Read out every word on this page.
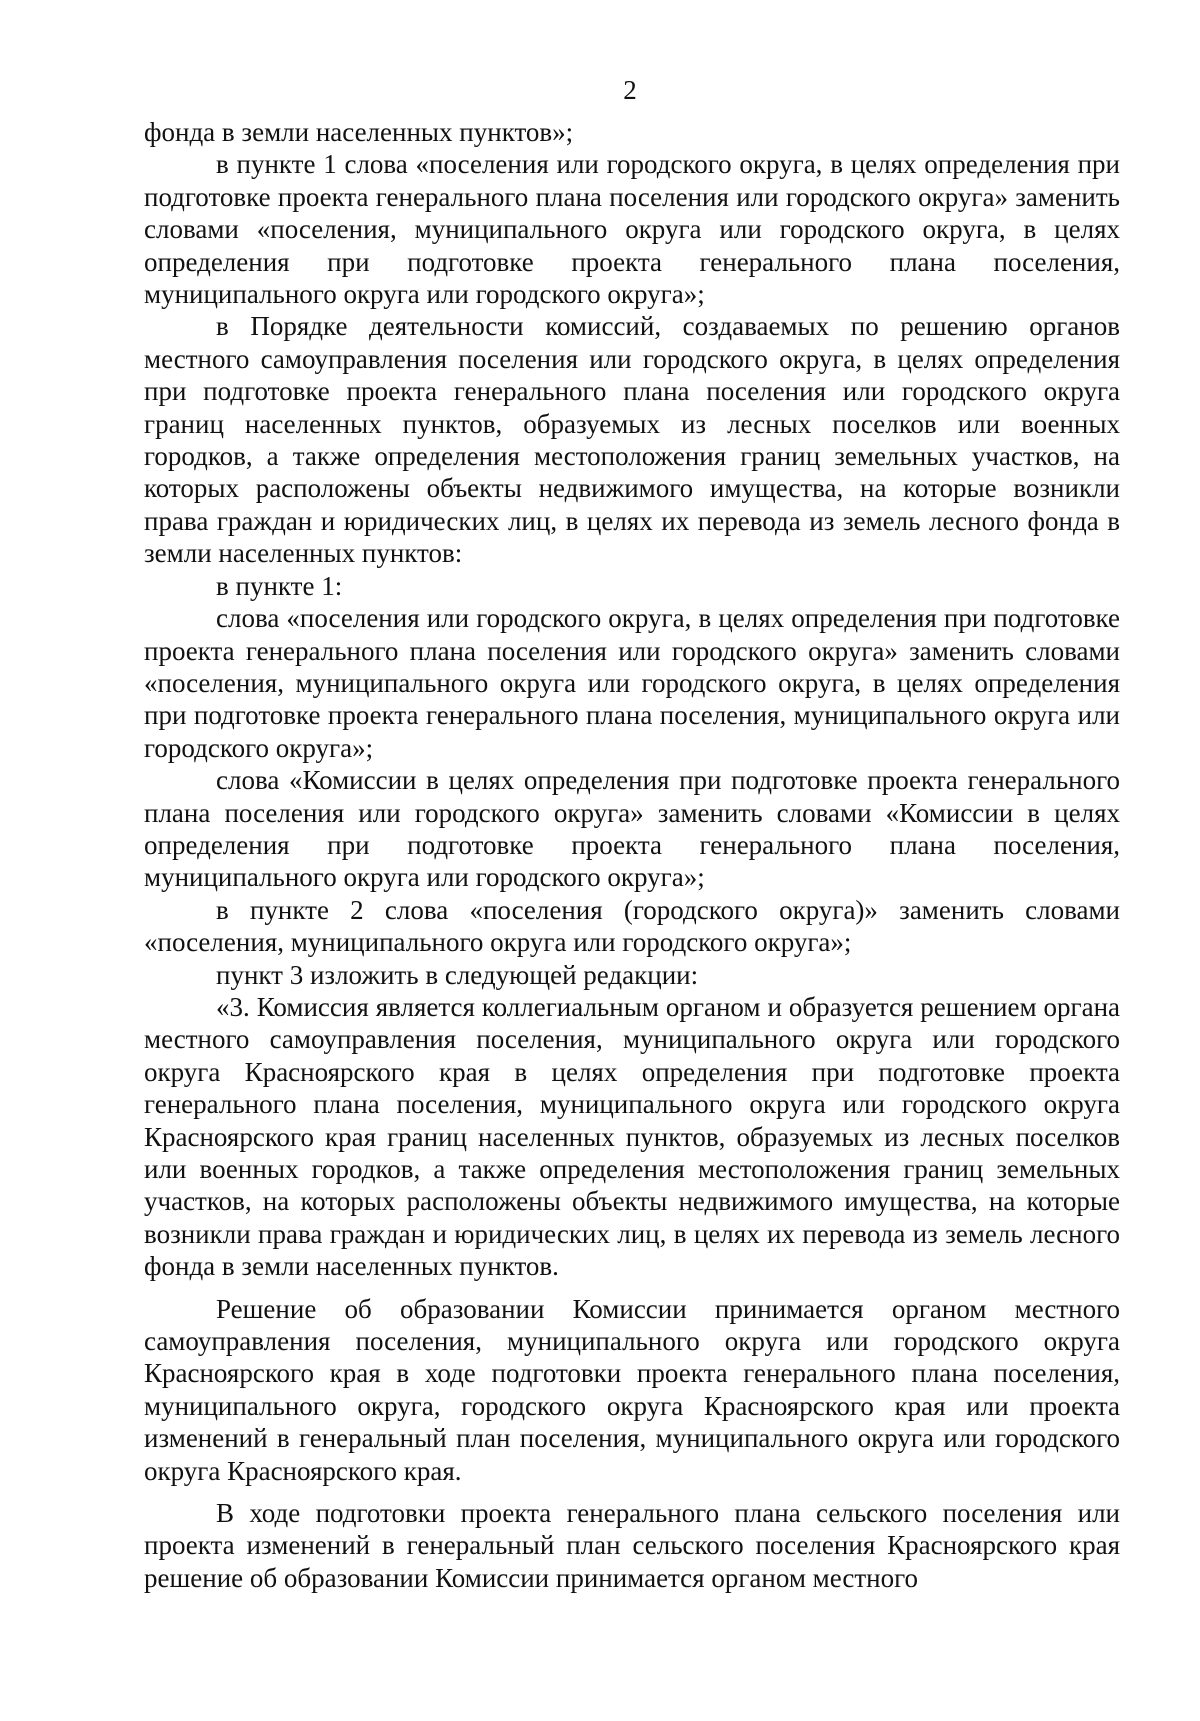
2

фонда в земли населенных пунктов»;

в пункте 1 слова «поселения или городского округа, в целях определения при подготовке проекта генерального плана поселения или городского округа» заменить словами «поселения, муниципального округа или городского округа, в целях определения при подготовке проекта генерального плана поселения, муниципального округа или городского округа»;

в Порядке деятельности комиссий, создаваемых по решению органов местного самоуправления поселения или городского округа, в целях определения при подготовке проекта генерального плана поселения или городского округа границ населенных пунктов, образуемых из лесных поселков или военных городков, а также определения местоположения границ земельных участков, на которых расположены объекты недвижимого имущества, на которые возникли права граждан и юридических лиц, в целях их перевода из земель лесного фонда в земли населенных пунктов:

в пункте 1:

слова «поселения или городского округа, в целях определения при подготовке проекта генерального плана поселения или городского округа» заменить словами «поселения, муниципального округа или городского округа, в целях определения при подготовке проекта генерального плана поселения, муниципального округа или городского округа»;

слова «Комиссии в целях определения при подготовке проекта генерального плана поселения или городского округа» заменить словами «Комиссии в целях определения при подготовке проекта генерального плана поселения, муниципального округа или городского округа»;

в пункте 2 слова «поселения (городского округа)» заменить словами «поселения, муниципального округа или городского округа»;

пункт 3 изложить в следующей редакции:

«3. Комиссия является коллегиальным органом и образуется решением органа местного самоуправления поселения, муниципального округа или городского округа Красноярского края в целях определения при подготовке проекта генерального плана поселения, муниципального округа или городского округа Красноярского края границ населенных пунктов, образуемых из лесных поселков или военных городков, а также определения местоположения границ земельных участков, на которых расположены объекты недвижимого имущества, на которые возникли права граждан и юридических лиц, в целях их перевода из земель лесного фонда в земли населенных пунктов.

Решение об образовании Комиссии принимается органом местного самоуправления поселения, муниципального округа или городского округа Красноярского края в ходе подготовки проекта генерального плана поселения, муниципального округа, городского округа Красноярского края или проекта изменений в генеральный план поселения, муниципального округа или городского округа Красноярского края.

В ходе подготовки проекта генерального плана сельского поселения или проекта изменений в генеральный план сельского поселения Красноярского края решение об образовании Комиссии принимается органом местного
